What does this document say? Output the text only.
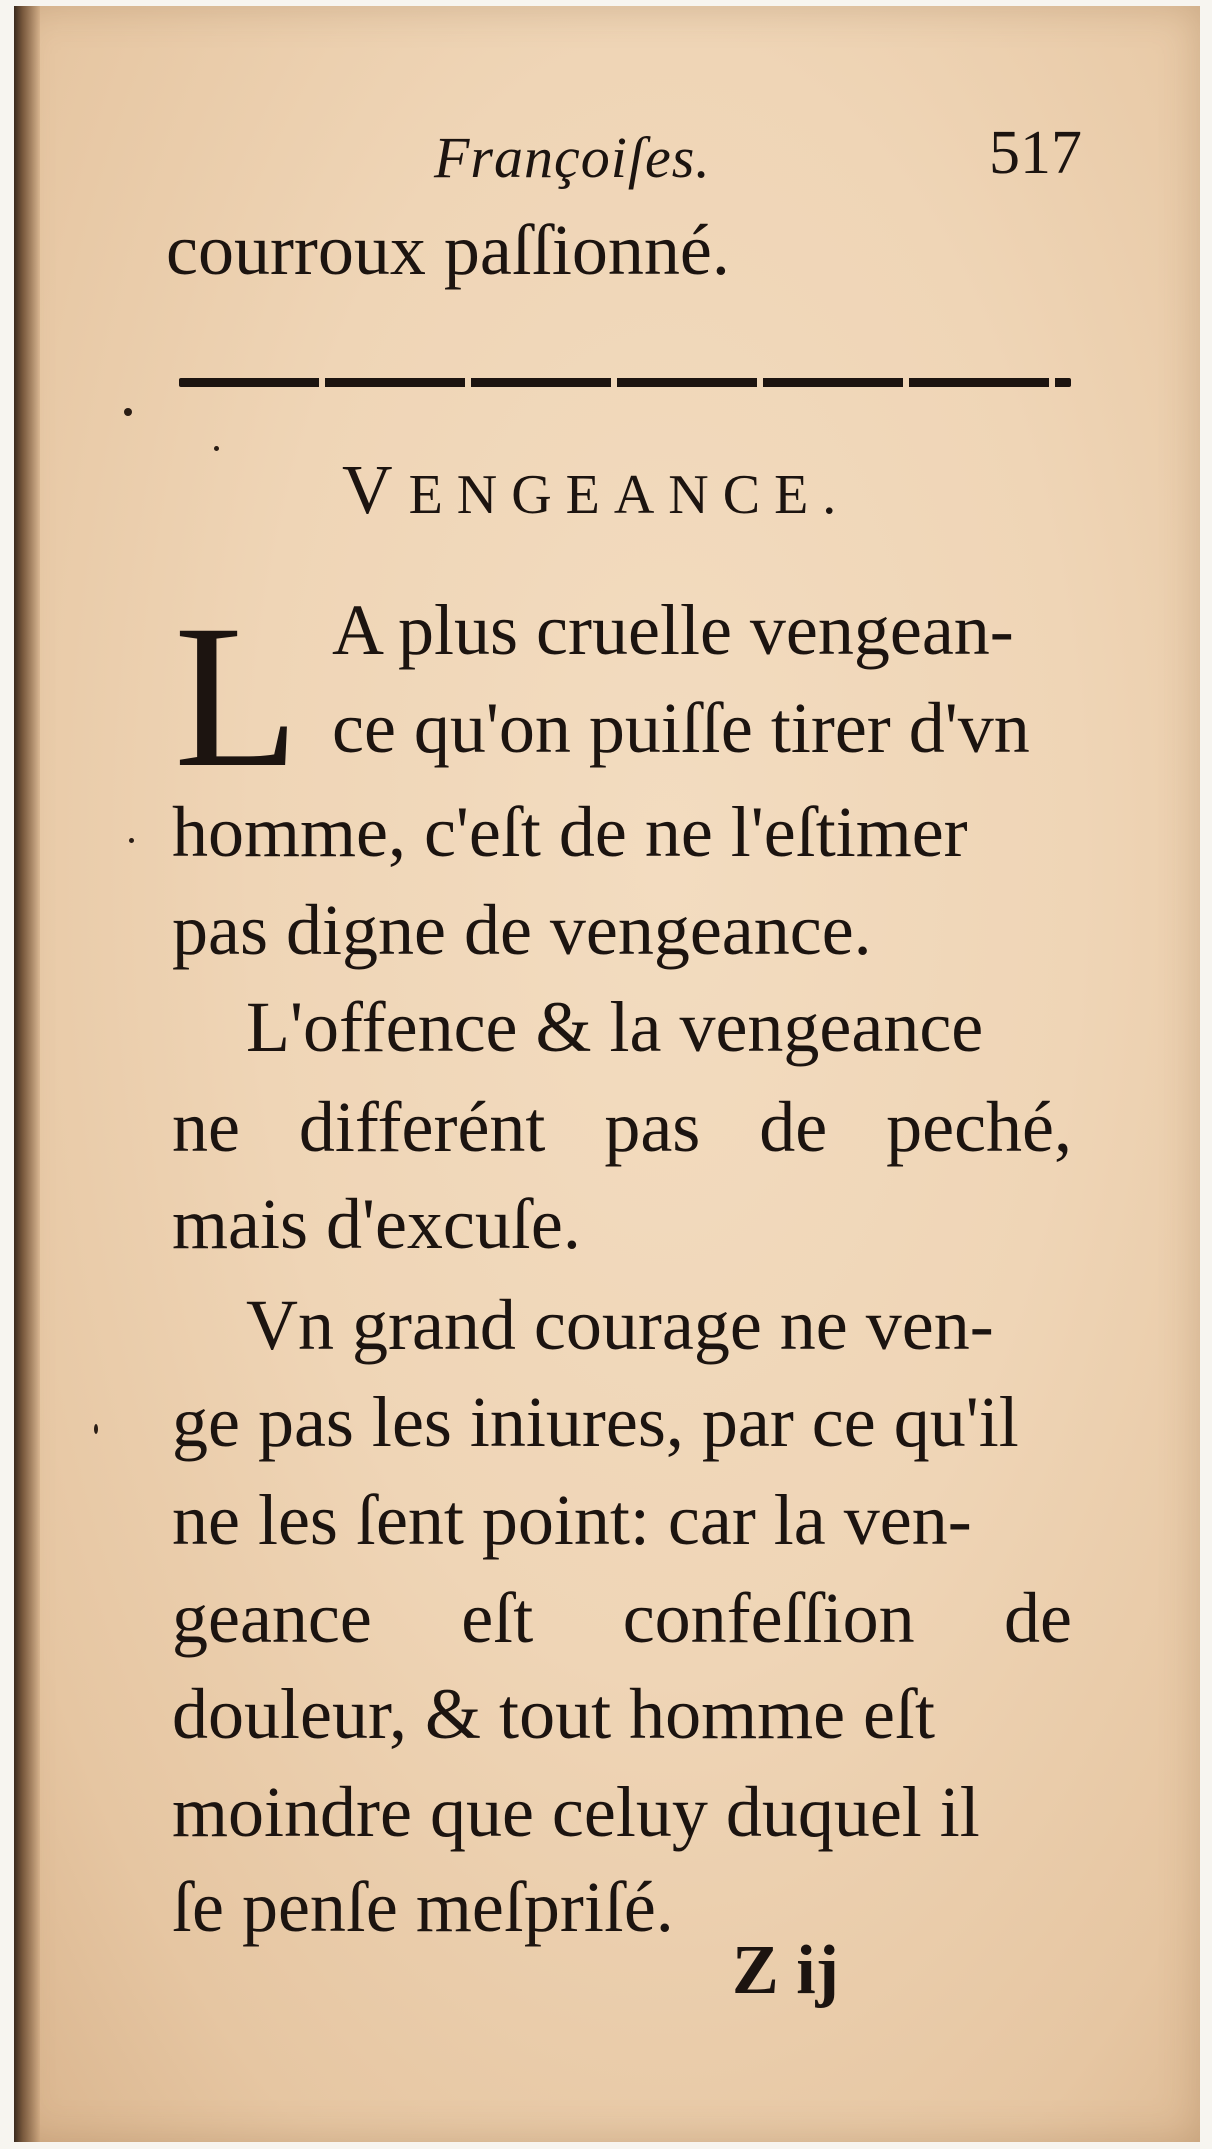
Françoiſes.	517
courroux paſſionné.
VENGEANCE.
L A plus cruelle vengean-
ce qu'on puiſſe tirer d'vn
homme, c'eſt de ne l'eſtimer
pas digne de vengeance.
L'offence & la vengeance
ne differént pas de peché,
mais d'excuſe.
Vn grand courage ne ven-
ge pas les iniures, par ce qu'il
ne les ſent point: car la ven-
geance eſt confeſſion de
douleur, & tout homme eſt
moindre que celuy duquel il
ſe penſe meſpriſé.
Z ij
